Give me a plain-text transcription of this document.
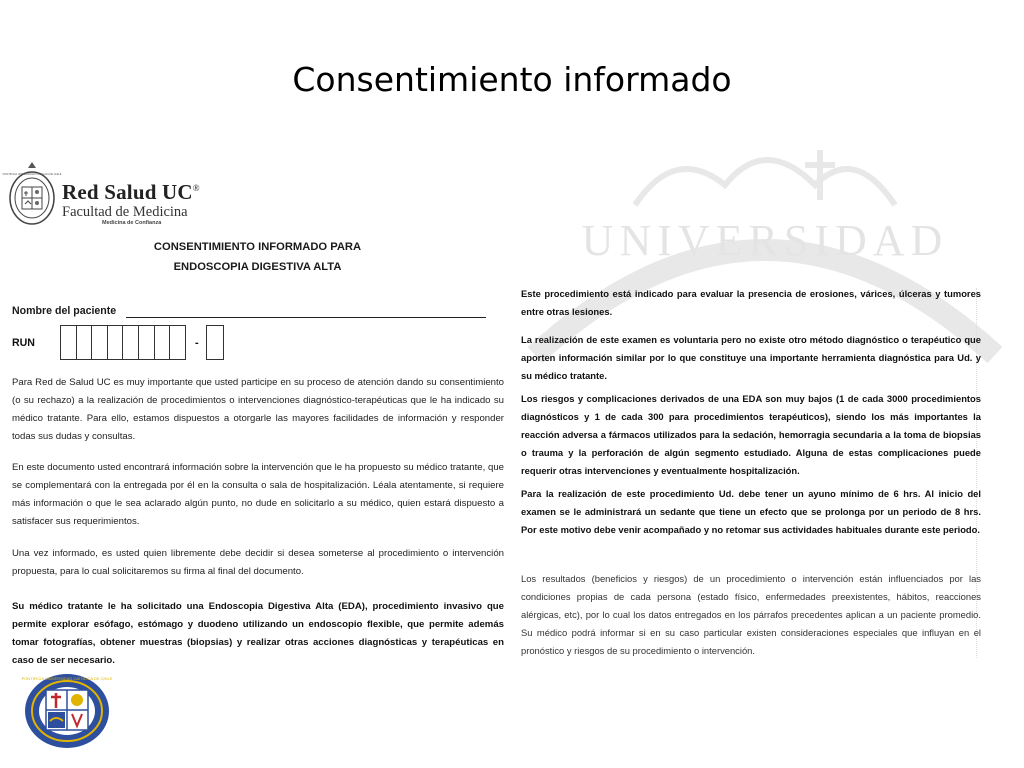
Consentimiento informado
PONTIFICIA UNIVERSIDAD CATOLICA DE CHILE
Red Salud UC®
Facultad de Medicina
Medicina de Confianza
CONSENTIMIENTO INFORMADO PARA
ENDOSCOPIA DIGESTIVA ALTA
Nombre del paciente
RUN	-

Para Red de Salud UC es muy importante que usted participe en su proceso de atención dando su consentimiento (o su rechazo) a la realización de procedimientos o intervenciones diagnóstico-terapéuticas que le ha indicado su médico tratante. Para ello, estamos dispuestos a otorgarle las mayores facilidades de información y responder todas sus dudas y consultas.

En este documento usted encontrará información sobre la intervención que le ha propuesto su médico tratante, que se complementará con la entregada por él en la consulta o sala de hospitalización. Léala atentamente, si requiere más información o que le sea aclarado algún punto, no dude en solicitarlo a su médico, quien estará dispuesto a satisfacer sus requerimientos.

Una vez informado, es usted quien libremente debe decidir si desea someterse al procedimiento o intervención propuesta, para lo cual solicitaremos su firma al final del documento.

Su médico tratante le ha solicitado una Endoscopia Digestiva Alta (EDA), procedimiento invasivo que permite explorar esófago, estómago y duodeno utilizando un endoscopio flexible, que permite además tomar fotografías, obtener muestras (biopsias) y realizar otras acciones diagnósticas y terapéuticas en caso de ser necesario.

PONTIFICIA UNIVERSIDAD CATOLICA DE CHILE
UNIVERSIDAD

Este procedimiento está indicado para evaluar la presencia de erosiones, várices, úlceras y tumores entre otras lesiones.

La realización de este examen es voluntaria pero no existe otro método diagnóstico o terapéutico que aporten información similar por lo que constituye una importante herramienta diagnóstica para Ud. y su médico tratante.

Los riesgos y complicaciones derivados de una EDA son muy bajos (1 de cada 3000 procedimientos diagnósticos y 1 de cada 300 para procedimientos terapéuticos), siendo los más importantes la reacción adversa a fármacos utilizados para la sedación, hemorragia secundaria a la toma de biopsias o trauma y la perforación de algún segmento estudiado. Alguna de estas complicaciones puede requerir otras intervenciones y eventualmente hospitalización.

Para la realización de este procedimiento Ud. debe tener un ayuno mínimo de 6 hrs. Al inicio del examen se le administrará un sedante que tiene un efecto que se prolonga por un periodo de 8 hrs. Por este motivo debe venir acompañado y no retomar sus actividades habituales durante este periodo.

Los resultados (beneficios y riesgos) de un procedimiento o intervención están influenciados por las condiciones propias de cada persona (estado físico, enfermedades preexistentes, hábitos, reacciones alérgicas, etc), por lo cual los datos entregados en los párrafos precedentes aplican a un paciente promedio. Su médico podrá informar si en su caso particular existen consideraciones especiales que influyan en el pronóstico y riesgos de su procedimiento o intervención.
